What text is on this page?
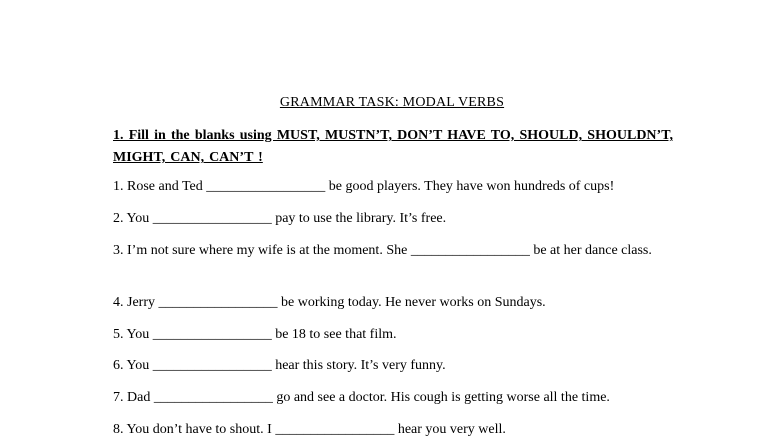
GRAMMAR TASK: MODAL VERBS
1. Fill in the blanks using MUST, MUSTN’T, DON’T HAVE TO, SHOULD, SHOULDN’T, MIGHT, CAN, CAN’T !
1. Rose and Ted _________________ be good players. They have won hundreds of cups!
2. You _________________ pay to use the library. It’s free.
3. I’m not sure where my wife is at the moment. She _________________ be at her dance class.
4. Jerry _________________ be working today. He never works on Sundays.
5. You _________________ be 18 to see that film.
6. You _________________ hear this story. It’s very funny.
7. Dad _________________ go and see a doctor. His cough is getting worse all the time.
8. You don’t have to shout. I _________________ hear you very well.
